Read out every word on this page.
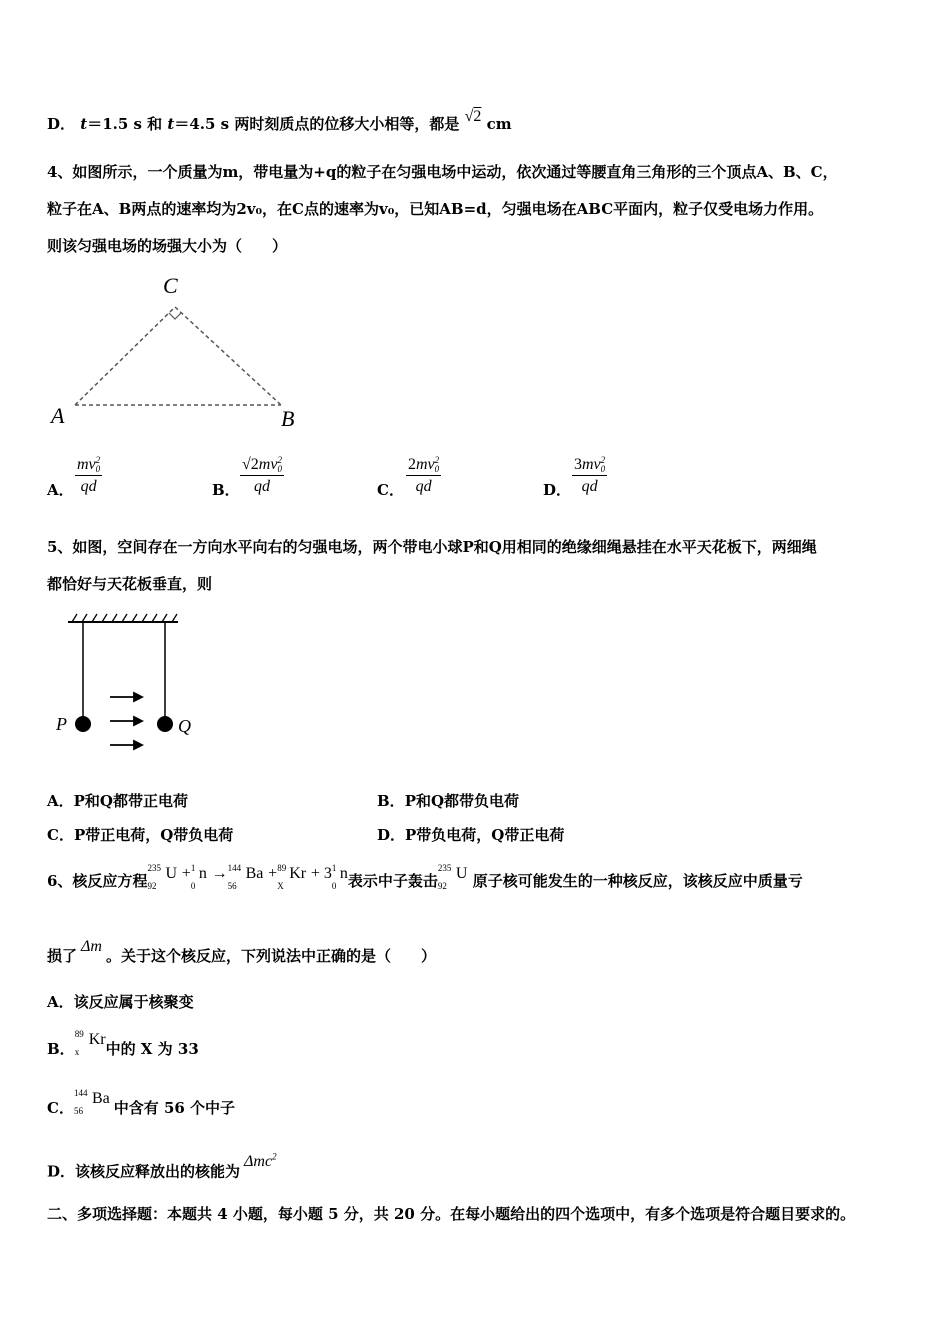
D． t＝1.5 s 和 t＝4.5 s 两时刻质点的位移大小相等，都是 √2 cm
4、如图所示，一个质量为m，带电量为+q的粒子在匀强电场中运动，依次通过等腰直角三角形的三个顶点A、B、C，
粒子在A、B两点的速率均为2v₀，在C点的速率为v₀，已知AB=d，匀强电场在ABC平面内，粒子仅受电场力作用。
则该匀强电场的场强大小为（　　）
C
A	B
A． mv 2
0
qd	B． √2mv 2
0
qd	C． 2mv 2
0
qd	D． 3mv 2
0
qd
5、如图，空间存在一方向水平向右的匀强电场，两个带电小球P和Q用相同的绝缘细绳悬挂在水平天花板下，两细绳
都恰好与天花板垂直，则
P	Q
A．P和Q都带正电荷	B．P和Q都带负电荷
C．P带正电荷，Q带负电荷	D．P带负电荷，Q带正电荷
6、核反应方程
235
92
U + 1
0
n → 144
56
Ba + 89
X
Kr + 3 1
0
n表示中子轰击
235
92
U 原子核可能发生的一种核反应，该核反应中质量亏
损了Δm。关于这个核反应，下列说法中正确的是（　　）
A．该反应属于核聚变
B．
89
x
Kr中的 X 为 33
C．
144
56
Ba中含有 56 个中子
D．该核反应释放出的核能为Δmc$^2$
二、多项选择题：本题共 4 小题，每小题 5 分，共 20 分。在每小题给出的四个选项中，有多个选项是符合题目要求的。
